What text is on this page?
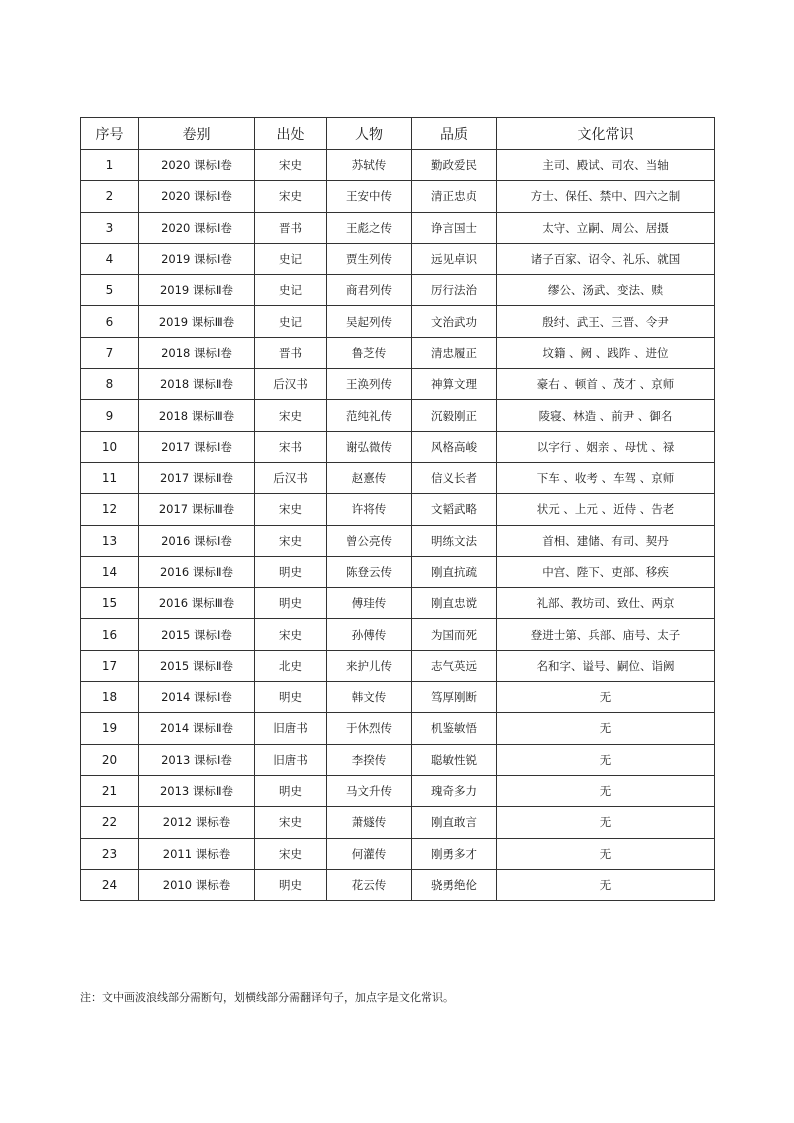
序号	卷别	出处	人物	品质	文化常识
1	2020 课标Ⅰ卷	宋史	苏轼传	勤政爱民	主司、殿试、司农、当轴
2	2020 课标Ⅰ卷	宋史	王安中传	清正忠贞	方士、保任、禁中、四六之制
3	2020 课标Ⅰ卷	晋书	王彪之传	诤言国士	太守、立嗣、周公、居摄
4	2019 课标Ⅰ卷	史记	贾生列传	远见卓识	诸子百家、诏令、礼乐、就国
5	2019 课标Ⅱ卷	史记	商君列传	厉行法治	缪公、汤武、变法、赎
6	2019 课标Ⅲ卷	史记	吴起列传	文治武功	殷纣、武王、三晋、令尹
7	2018 课标Ⅰ卷	晋书	鲁芝传	清忠履正	坟籍 、阙 、践阼 、进位
8	2018 课标Ⅱ卷	后汉书	王涣列传	神算文理	豪右 、顿首 、茂才 、京师
9	2018 课标Ⅲ卷	宋史	范纯礼传	沉毅刚正	陵寝、林造 、前尹 、御名
10	2017 课标Ⅰ卷	宋书	谢弘微传	风格高峻	以字行 、姻亲 、母忧 、禄
11	2017 课标Ⅱ卷	后汉书	赵憙传	信义长者	下车 、收考 、车驾 、京师
12	2017 课标Ⅲ卷	宋史	许将传	文韬武略	状元 、上元 、近侍 、告老
13	2016 课标Ⅰ卷	宋史	曾公亮传	明练文法	首相、建储、有司、契丹
14	2016 课标Ⅱ卷	明史	陈登云传	刚直抗疏	中宫、陛下、吏部、移疾
15	2016 课标Ⅲ卷	明史	傅珪传	刚直忠谠	礼部、教坊司、致仕、两京
16	2015 课标Ⅰ卷	宋史	孙傅传	为国而死	登进士第、兵部、庙号、太子
17	2015 课标Ⅱ卷	北史	来护儿传	志气英远	名和字、谥号、嗣位、诣阙
18	2014 课标Ⅰ卷	明史	韩文传	笃厚刚断	无
19	2014 课标Ⅱ卷	旧唐书	于休烈传	机鉴敏悟	无
20	2013 课标Ⅰ卷	旧唐书	李揆传	聪敏性锐	无
21	2013 课标Ⅱ卷	明史	马文升传	瑰奇多力	无
22	2012 课标卷	宋史	萧燧传	刚直敢言	无
23	2011 课标卷	宋史	何灌传	刚勇多才	无
24	2010 课标卷	明史	花云传	骁勇绝伦	无
注：文中画波浪线部分需断句，划横线部分需翻译句子，加点字是文化常识。
